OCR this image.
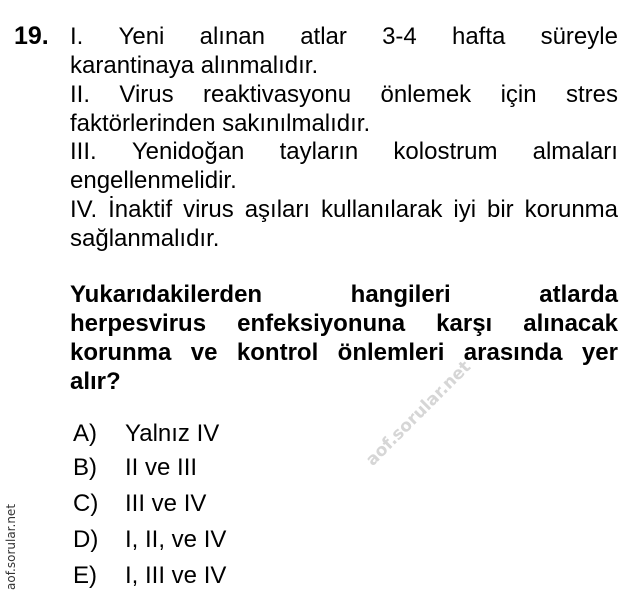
19. I. Yeni alınan atlar 3-4 hafta süreyle
karantinaya alınmalıdır.
II. Virus reaktivasyonu önlemek için stres
faktörlerinden sakınılmalıdır.
III. Yenidoğan tayların kolostrum almaları
engellenmelidir.
IV. İnaktif virus aşıları kullanılarak iyi bir korunma
sağlanmalıdır.
Yukarıdakilerden	hangileri	atlarda
herpesvirus enfeksiyonuna karşı alınacak
korunma ve kontrol önlemleri arasında yer
alır?
A) Yalnız IV
B) II ve III
C) III ve IV
D) I, II, ve IV
E) I, III ve IV
aof.sorular.net
aof.sorular.net
